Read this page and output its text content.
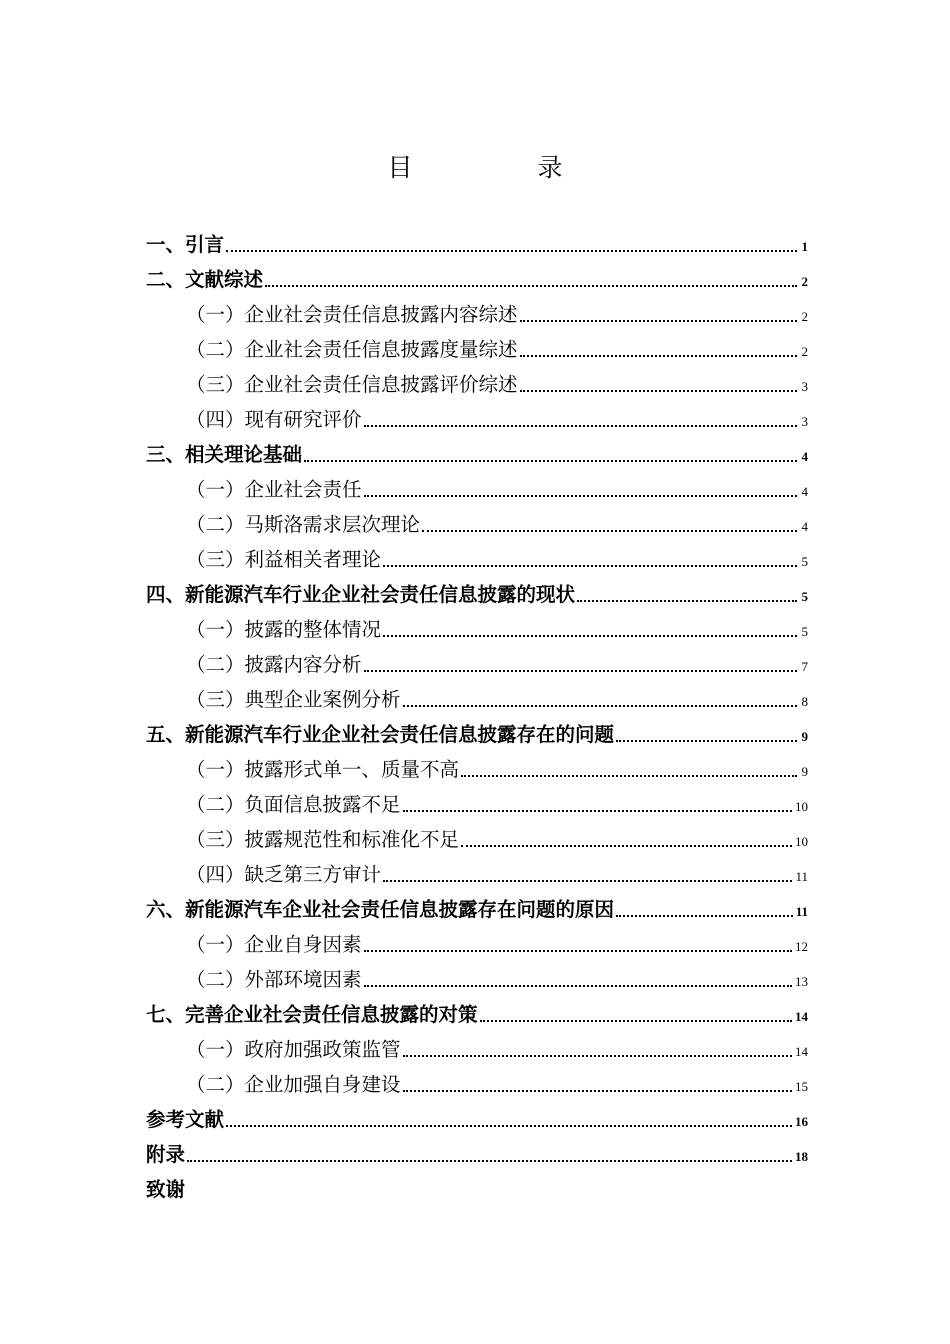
目　录
一、引言	1
二、文献综述	2
（一）企业社会责任信息披露内容综述	2
（二）企业社会责任信息披露度量综述	2
（三）企业社会责任信息披露评价综述	3
（四）现有研究评价	3
三、相关理论基础	4
（一）企业社会责任	4
（二）马斯洛需求层次理论	4
（三）利益相关者理论	5
四、新能源汽车行业企业社会责任信息披露的现状	5
（一）披露的整体情况	5
（二）披露内容分析	7
（三）典型企业案例分析	8
五、新能源汽车行业企业社会责任信息披露存在的问题	9
（一）披露形式单一、质量不高	9
（二）负面信息披露不足	10
（三）披露规范性和标准化不足	10
（四）缺乏第三方审计	11
六、新能源汽车企业社会责任信息披露存在问题的原因	11
（一）企业自身因素	12
（二）外部环境因素	13
七、完善企业社会责任信息披露的对策	14
（一）政府加强政策监管	14
（二）企业加强自身建设	15
参考文献	16
附录	18
致谢
